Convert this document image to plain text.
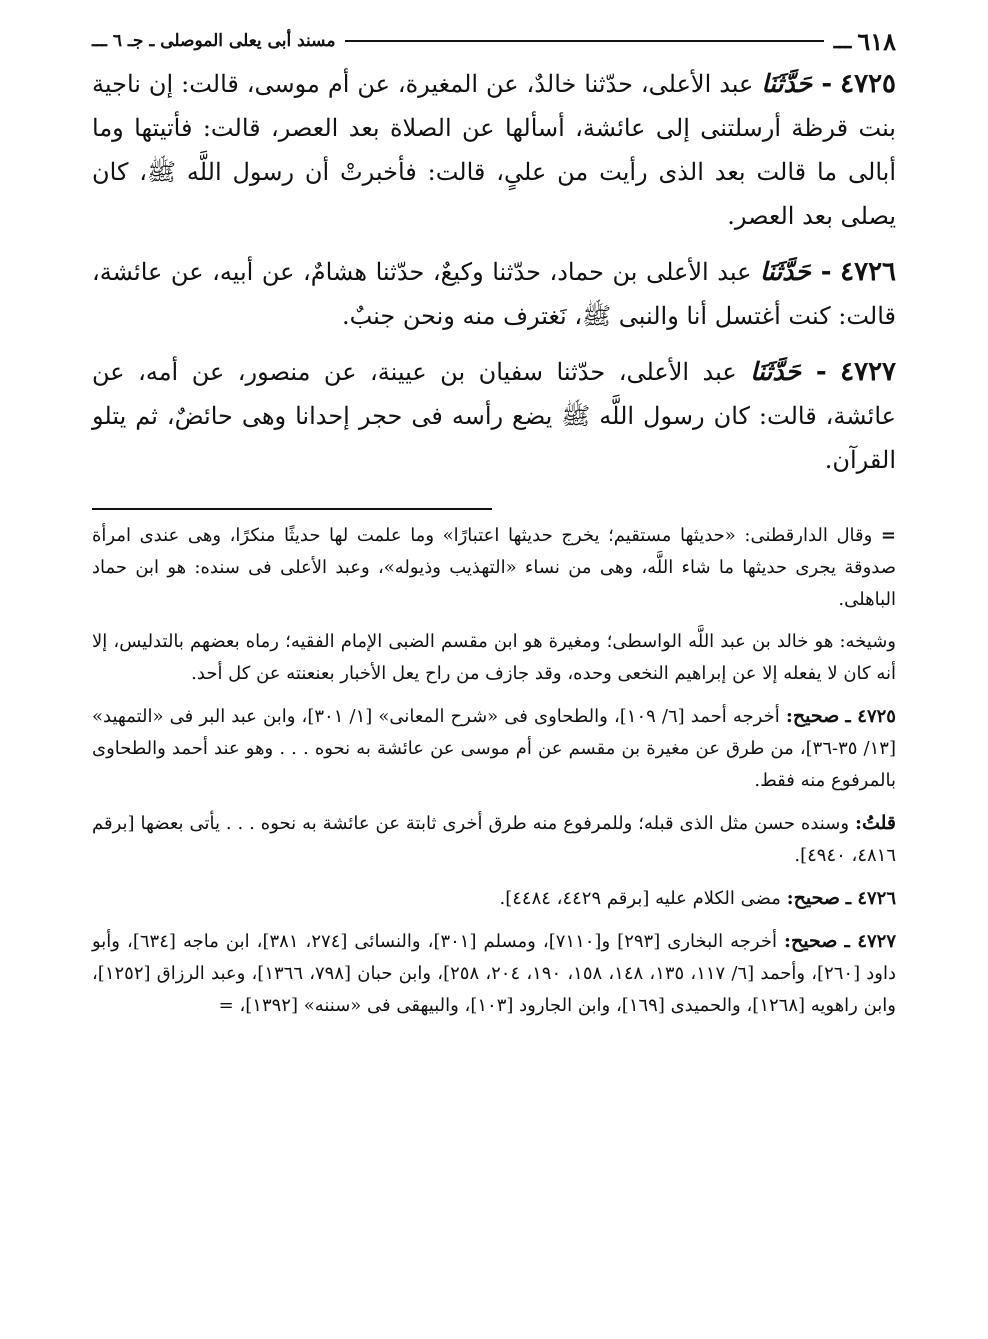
٦١٨
ـــ
مسند أبى يعلى الموصلى ـ جـ ٦ ـــ

٤٧٢٥ - حَدَّثَنَا عبد الأعلى، حدّثنا خالدٌ، عن المغيرة، عن أم موسى، قالت: إن ناجية بنت قرظة أرسلتنى إلى عائشة، أسألها عن الصلاة بعد العصر، قالت: فأتيتها وما أبالى ما قالت بعد الذى رأيت من علىٍ، قالت: فأخبرتْ أن رسول اللَّه ﷺ، كان يصلى بعد العصر.

٤٧٢٦ - حَدَّثَنَا عبد الأعلى بن حماد، حدّثنا وكيعٌ، حدّثنا هشامٌ، عن أبيه، عن عائشة، قالت: كنت أغتسل أنا والنبى ﷺ، نَغترف منه ونحن جنبٌ.

٤٧٢٧ - حَدَّثَنَا عبد الأعلى، حدّثنا سفيان بن عيينة، عن منصور، عن أمه، عن عائشة، قالت: كان رسول اللَّه ﷺ يضع رأسه فى حجر إحدانا وهى حائضٌ، ثم يتلو القرآن.

= وقال الدارقطنى: «حديثها مستقيم؛ يخرج حديثها اعتبارًا» وما علمت لها حديثًا منكرًا، وهى عندى امرأة صدوقة يجرى حديثها ما شاء اللَّه، وهى من نساء «التهذيب وذيوله»، وعبد الأعلى فى سنده: هو ابن حماد الباهلى.

وشيخه: هو خالد بن عبد اللَّه الواسطى؛ ومغيرة هو ابن مقسم الضبى الإمام الفقيه؛ رماه بعضهم بالتدليس، إلا أنه كان لا يفعله إلا عن إبراهيم النخعى وحده، وقد جازف من راح يعل الأخبار بعنعنته عن كل أحد.

٤٧٢٥ ـ صحيح: أخرجه أحمد [٦/ ١٠٩]، والطحاوى فى «شرح المعانى» [١/ ٣٠١]، وابن عبد البر فى «التمهيد» [١٣/ ٣٥-٣٦]، من طرق عن مغيرة بن مقسم عن أم موسى عن عائشة به نحوه . . . وهو عند أحمد والطحاوى بالمرفوع منه فقط.

قلتُ: وسنده حسن مثل الذى قبله؛ وللمرفوع منه طرق أخرى ثابتة عن عائشة به نحوه . . . يأتى بعضها [برقم ٤٨١٦، ٤٩٤٠].

٤٧٢٦ ـ صحيح: مضى الكلام عليه [برقم ٤٤٢٩، ٤٤٨٤].

٤٧٢٧ ـ صحيح: أخرجه البخارى [٢٩٣] و[٧١١٠]، ومسلم [٣٠١]، والنسائى [٢٧٤، ٣٨١]، ابن ماجه [٦٣٤]، وأبو داود [٢٦٠]، وأحمد [٦/ ١١٧، ١٣٥، ١٤٨، ١٥٨، ١٩٠، ٢٠٤، ٢٥٨]، وابن حبان [٧٩٨، ١٣٦٦]، وعبد الرزاق [١٢٥٢]، وابن راهويه [١٢٦٨]، والحميدى [١٦٩]، وابن الجارود [١٠٣]، والبيهقى فى «سننه» [١٣٩٢]، =
